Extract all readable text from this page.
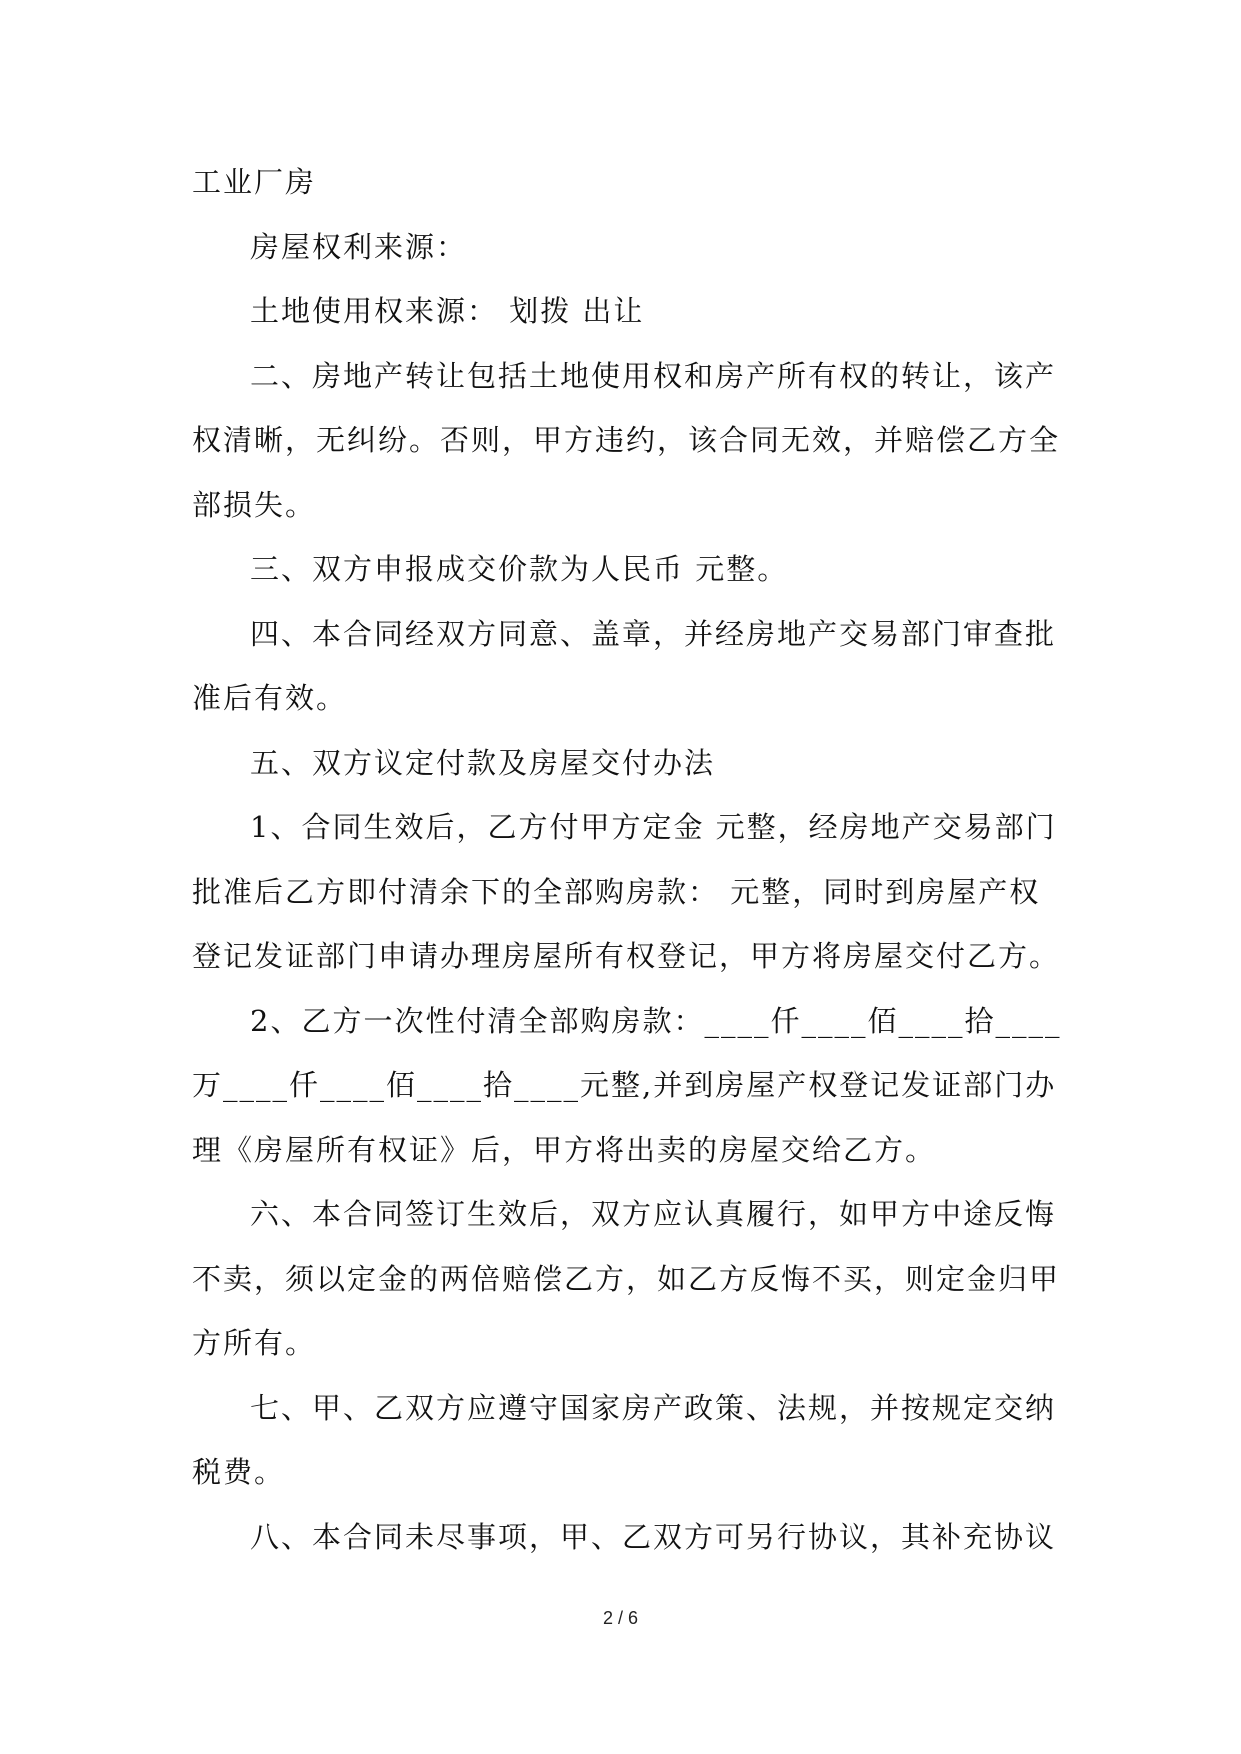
工业厂房
房屋权利来源：
土地使用权来源： 划拨 出让
二、房地产转让包括土地使用权和房产所有权的转让，该产
权清晰，无纠纷。否则，甲方违约，该合同无效，并赔偿乙方全
部损失。
三、双方申报成交价款为人民币 元整。
四、本合同经双方同意、盖章，并经房地产交易部门审查批
准后有效。
五、双方议定付款及房屋交付办法
1、合同生效后，乙方付甲方定金 元整，经房地产交易部门
批准后乙方即付清余下的全部购房款： 元整，同时到房屋产权
登记发证部门申请办理房屋所有权登记，甲方将房屋交付乙方。
2、乙方一次性付清全部购房款：____仟____佰____拾____
万____仟____佰____拾____元整,并到房屋产权登记发证部门办
理《房屋所有权证》后，甲方将出卖的房屋交给乙方。
六、本合同签订生效后，双方应认真履行，如甲方中途反悔
不卖，须以定金的两倍赔偿乙方，如乙方反悔不买，则定金归甲
方所有。
七、甲、乙双方应遵守国家房产政策、法规，并按规定交纳
税费。
八、本合同未尽事项，甲、乙双方可另行协议，其补充协议
2 / 6
